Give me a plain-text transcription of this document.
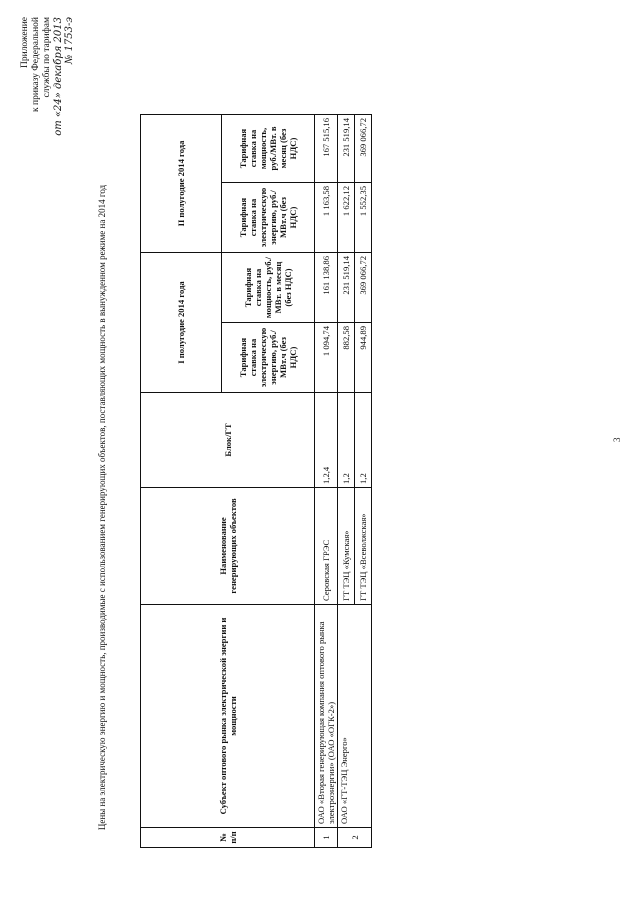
Приложение к приказу Федеральной службы по тарифам от «24» декабря 2013 № 1753-э
Цены на электрическую энергию и мощность, производимые с использованием генерирующих объектов, поставляющих мощность в вынужденном режиме на 2014 год
№ п/п	Субъект оптового рынка электрической энергии и мощности	Наименование генерирующих объектов	Блок/ГТ	I полугодие 2014 года		II полугодие 2014 года	
				Тарифная ставка на электрическую энергию, руб./МВт.ч (без НДС)	Тарифная ставка на мощность, руб./МВт. в месяц (без НДС)	Тарифная ставка на электрическую энергию, руб./МВт.ч (без НДС)	Тарифная ставка на мощность, руб./МВт. в месяц (без НДС)
1	ОАО «Вторая генерирующая компания оптового рынка электроэнергии» (ОАО «ОГК-2»)	Серовская ГРЭС	1,2,4	1 094,74	161 138,86	1 163,58	167 515,16
2	ОАО «ГТ-ТЭЦ Энерго»	ГТ ТЭЦ «Кумская»	1,2	882,58	231 519,14	1 622,12	231 519,14
		ГТ ТЭЦ «Всеволжская»	1,2	944,89	369 066,72	1 552,35	369 066,72
3
